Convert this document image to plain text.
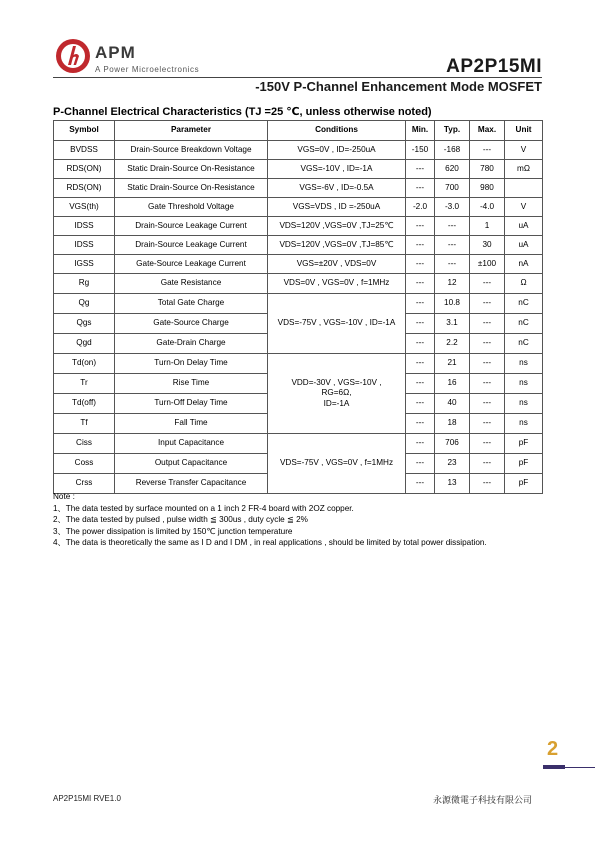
APM
A Power Microelectronics	AP2P15MI
-150V P-Channel Enhancement Mode MOSFET
P-Channel Electrical Characteristics (TJ =25 ℃, unless otherwise noted)
Symbol	Parameter	Conditions	Min.	Typ.	Max.	Unit
BVDSS	Drain-Source Breakdown Voltage	VGS=0V , ID=-250uA	-150	-168	---	V
RDS(ON)	Static Drain-Source On-Resistance	VGS=-10V , ID=-1A	---	620	780	mΩ
RDS(ON)	Static Drain-Source On-Resistance	VGS=-6V , ID=-0.5A	---	700	980	
VGS(th)	Gate Threshold Voltage	VGS=VDS , ID =-250uA	-2.0	-3.0	-4.0	V
IDSS	Drain-Source Leakage Current	VDS=120V ,VGS=0V ,TJ=25℃	---	---	1	uA
IDSS	Drain-Source Leakage Current	VDS=120V ,VGS=0V ,TJ=85℃	---	---	30	uA
IGSS	Gate-Source Leakage Current	VGS=±20V , VDS=0V	---	---	±100	nA
Rg	Gate Resistance	VDS=0V , VGS=0V , f=1MHz	---	12	---	Ω
Qg	Total Gate Charge	VDS=-75V , VGS=-10V , ID=-1A	---	10.8	---	nC
Qgs	Gate-Source Charge		---	3.1	---	nC
Qgd	Gate-Drain Charge		---	2.2	---	nC
Td(on)	Turn-On Delay Time	VDD=-30V , VGS=-10V ,
RG=6Ω,
ID=-1A	---	21	---	ns
Tr	Rise Time		---	16	---	ns
Td(off)	Turn-Off Delay Time		---	40	---	ns
Tf	Fall Time		---	18	---	ns
Ciss	Input Capacitance	VDS=-75V , VGS=0V , f=1MHz	---	706	---	pF
Coss	Output Capacitance		---	23	---	pF
Crss	Reverse Transfer Capacitance		---	13	---	pF
Note :
1、The data tested by surface mounted on a 1 inch 2 FR-4 board with 2OZ copper.
2、The data tested by pulsed , pulse width ≦ 300us , duty cycle ≦ 2%
3、The power dissipation is limited by 150℃ junction temperature
4、The data is theoretically the same as I D and I DM , in real applications , should be limited by total power dissipation.
2
AP2P15MI RVE1.0	永源微電子科技有限公司
